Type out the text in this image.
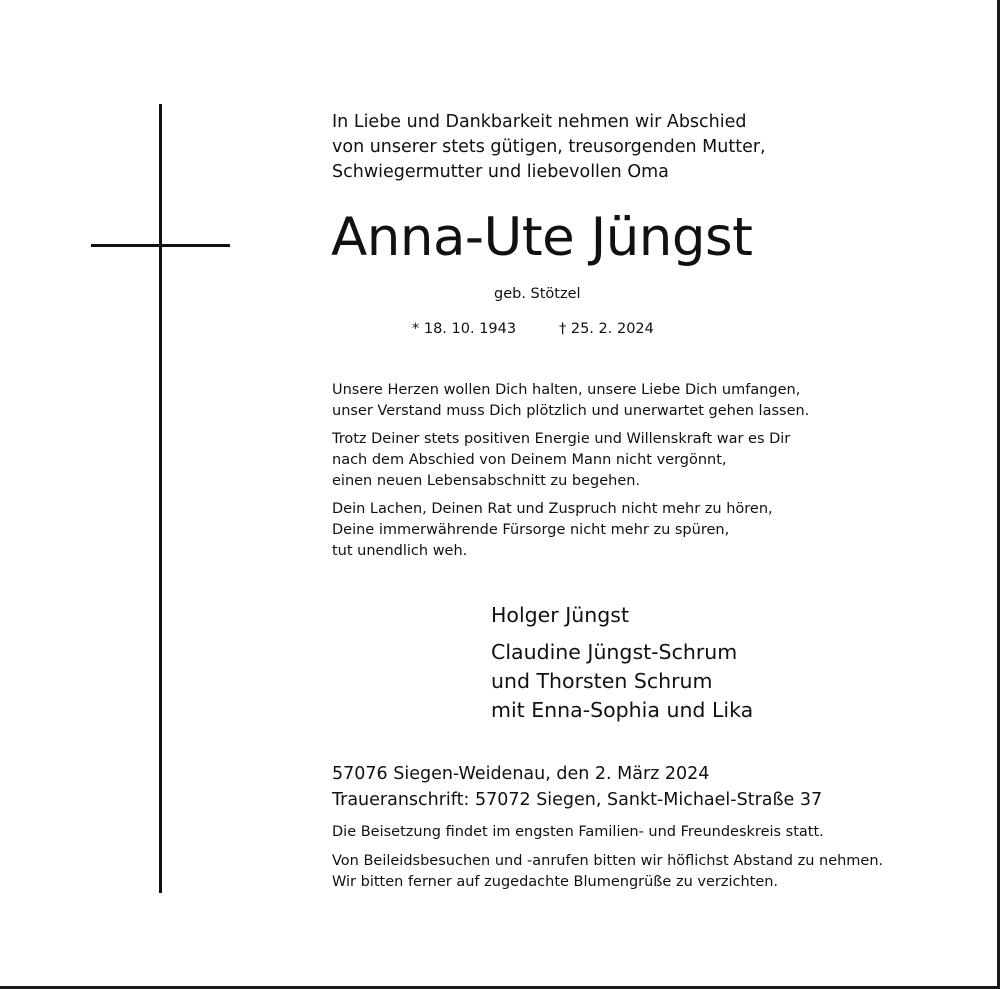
In Liebe und Dankbarkeit nehmen wir Abschied
von unserer stets gütigen, treusorgenden Mutter,
Schwiegermutter und liebevollen Oma
Anna-Ute Jüngst
geb. Stötzel
* 18. 10. 1943	† 25. 2. 2024
Unsere Herzen wollen Dich halten, unsere Liebe Dich umfangen,
unser Verstand muss Dich plötzlich und unerwartet gehen lassen.
Trotz Deiner stets positiven Energie und Willenskraft war es Dir
nach dem Abschied von Deinem Mann nicht vergönnt,
einen neuen Lebensabschnitt zu begehen.
Dein Lachen, Deinen Rat und Zuspruch nicht mehr zu hören,
Deine immerwährende Fürsorge nicht mehr zu spüren,
tut unendlich weh.
Holger Jüngst
Claudine Jüngst-Schrum
und Thorsten Schrum
mit Enna-Sophia und Lika
57076 Siegen-Weidenau, den 2. März 2024
Traueranschrift: 57072 Siegen, Sankt-Michael-Straße 37
Die Beisetzung findet im engsten Familien- und Freundeskreis statt.
Von Beileidsbesuchen und -anrufen bitten wir höflichst Abstand zu nehmen.
Wir bitten ferner auf zugedachte Blumengrüße zu verzichten.
